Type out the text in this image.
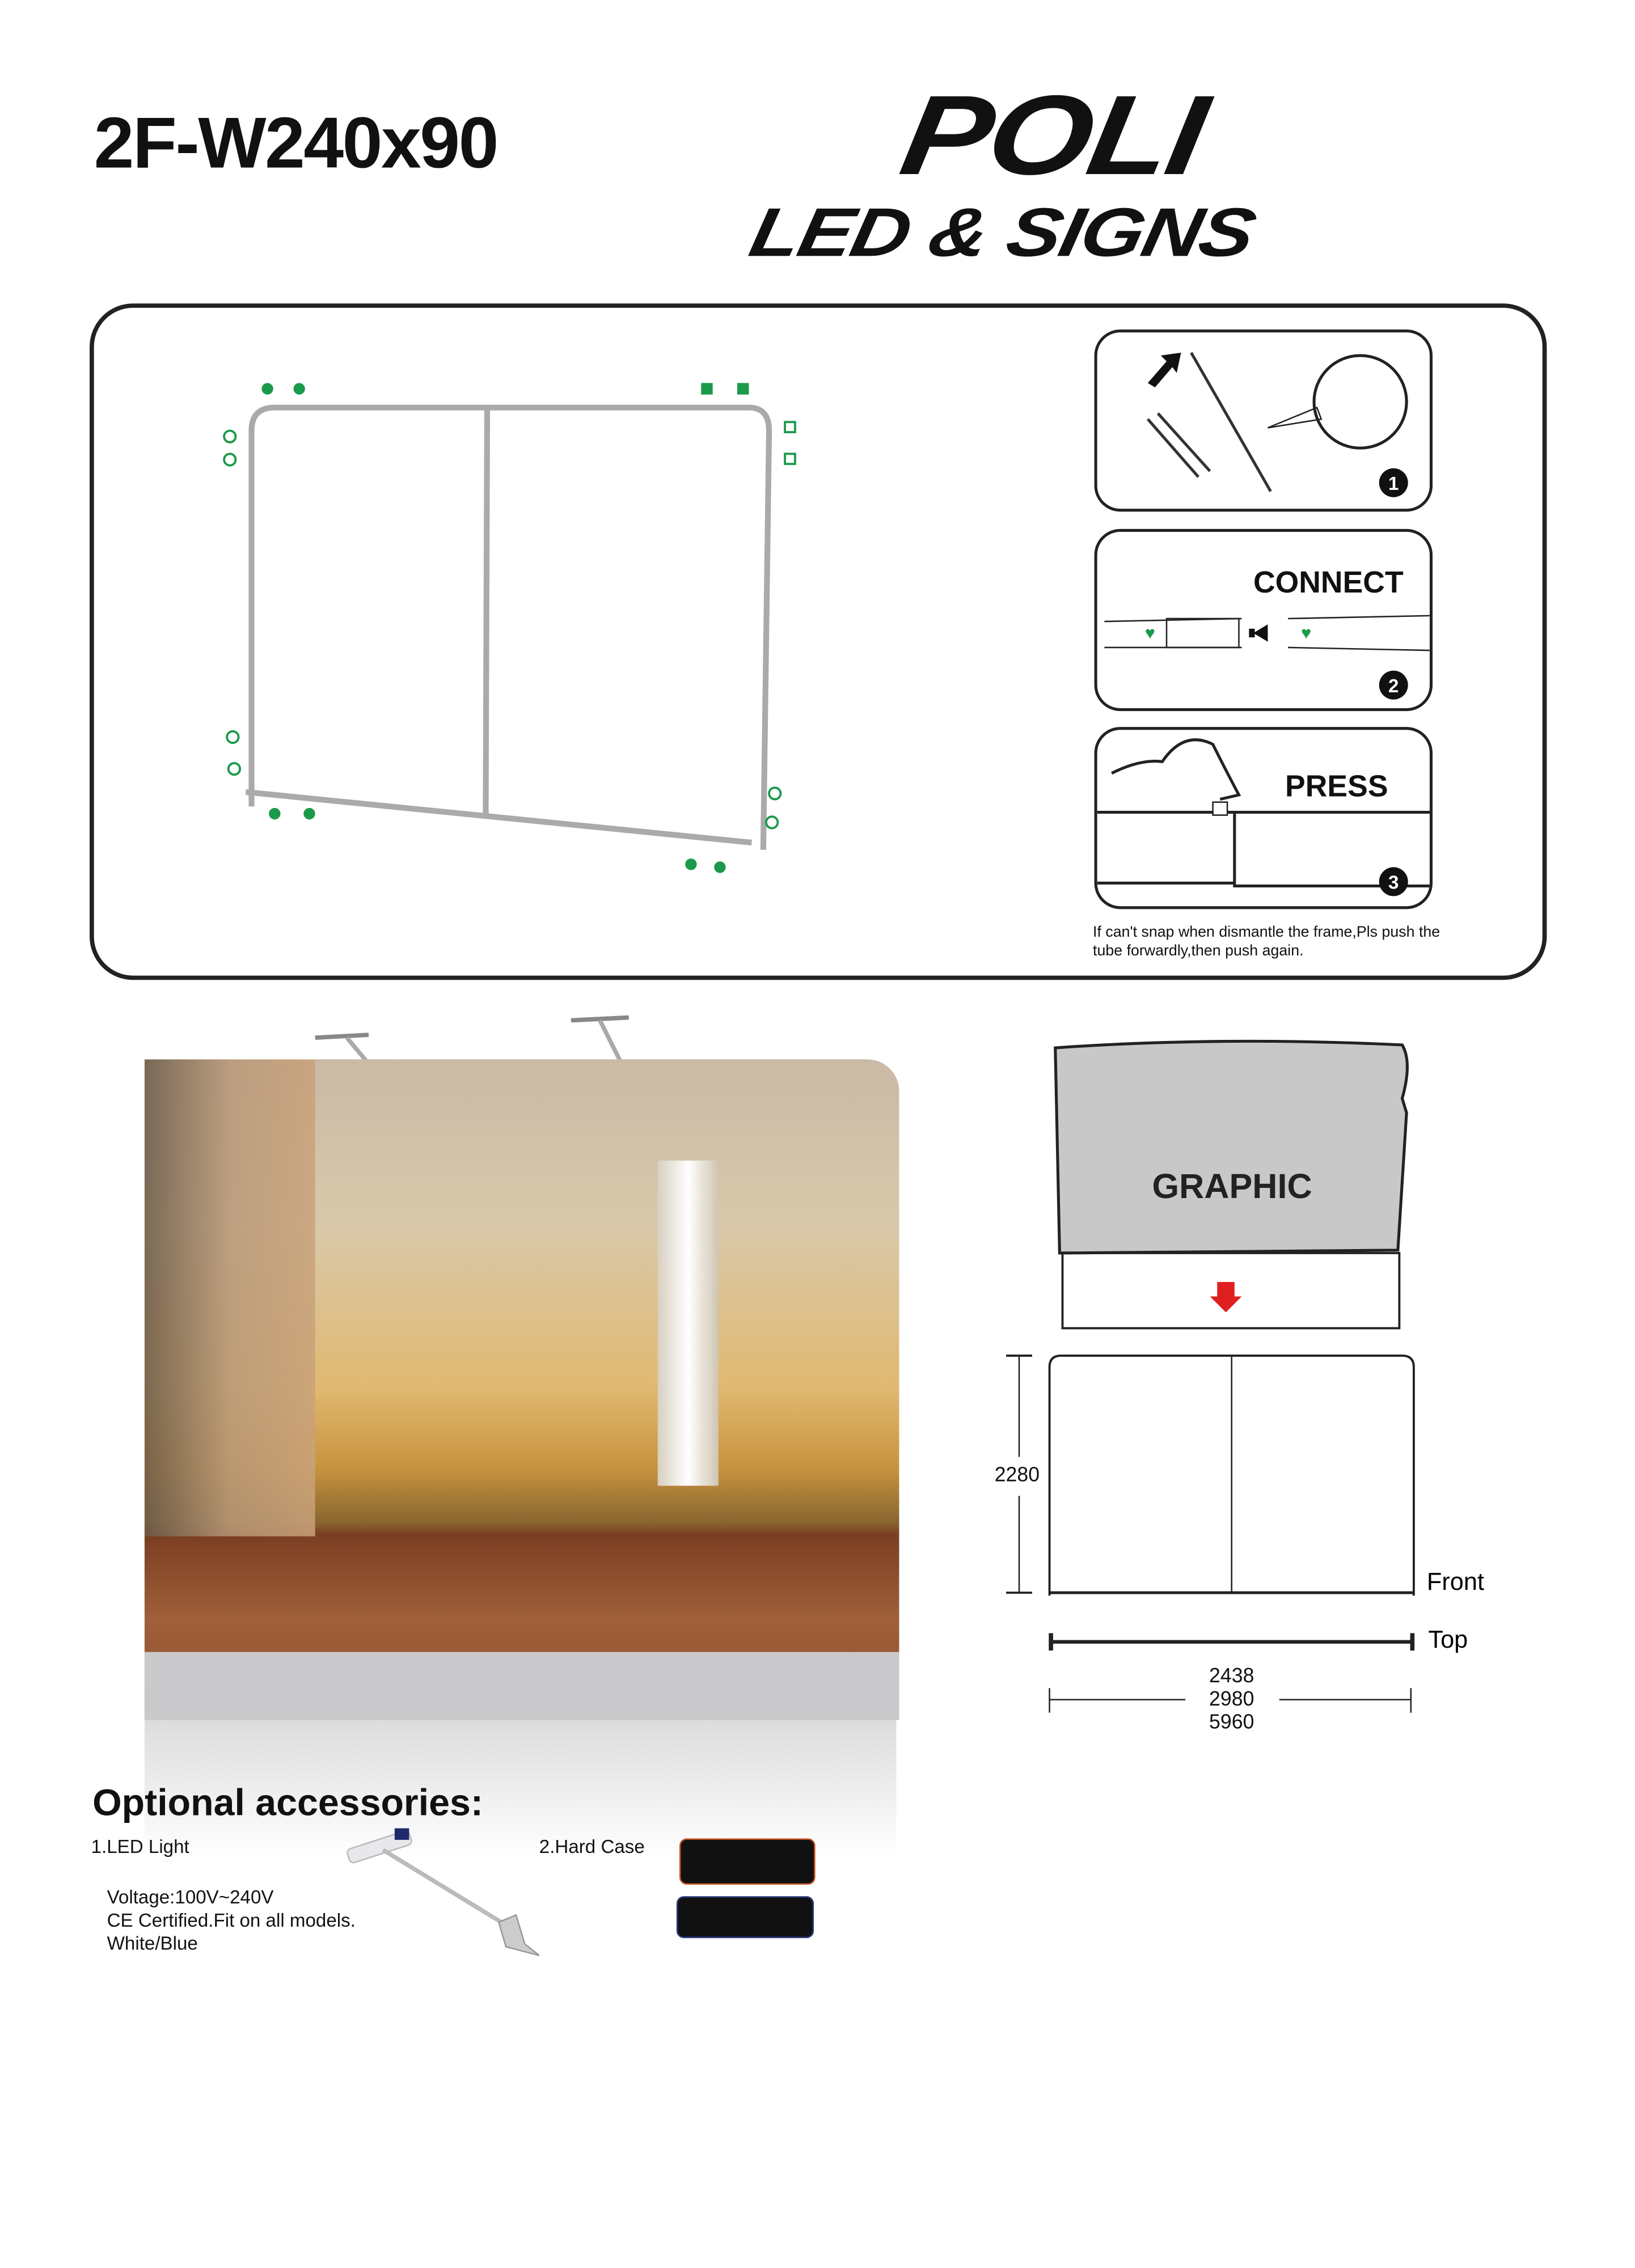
2F-W240x90	POLI
LED & SIGNS
1
♥	♥
2
CONNECT
3
PRESS
If can't snap when dismantle the frame,Pls push the tube forwardly,then push again.
GRAPHIC
2280
Front
Top
2438
2980
5960
Optional accessories:
1.LED Light	2.Hard Case
Voltage:100V~240V
CE Certified.Fit on all models.
White/Blue
